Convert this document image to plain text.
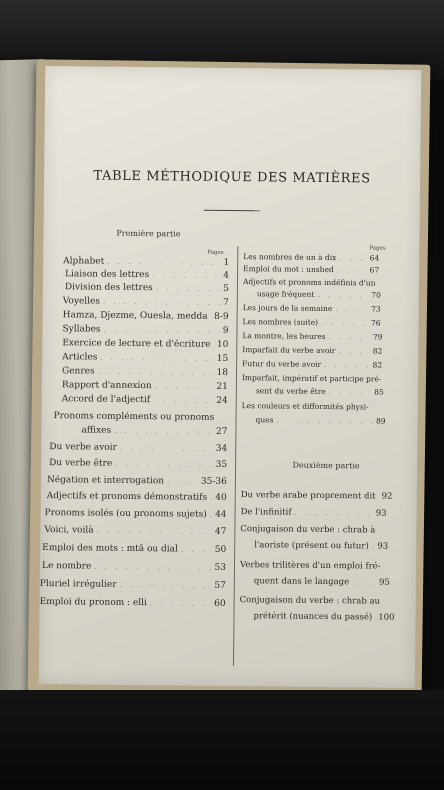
TABLE MÉTHODIQUE DES MATIÈRES
Première partie
Pages
Alphabet . . .	1
Liaison des lettres . . .	4
Division des lettres . . .	5
Voyelles . . .	7
Hamza, Djezme, Ouesla, medda . . . 8-9
Syllabes . . .	9
Exercice de lecture et d'écriture . . . 10
Articles . . .	15
Genres . . .	18
Rapport d'annexion . . .	21
Accord de l'adjectif . . .	24
Pronoms compléments ou pronoms
affixes . . .	27
Du verbe avoir . . .	34
Du verbe être . . .	35
Négation et interrogation . . .	35-36
Adjectifs et pronoms démonstratifs . . . 40
Pronoms isolés (ou pronoms sujets) . . . 44
Voici, voilà . . .	47
Emploi des mots : mtâ ou dial . . .	50
Le nombre . . .	53
Pluriel irrégulier . . .	57
Emploi du pronom : elli . . .	60
Pages
Les nombres de un à dix . . .	64
Emploi du mot : unshed . . .	67
Adjectifs et pronoms indéfinis d'un
usage fréquent . . .	70
Les jours de la semaine . . .	73
Les nombres (suite) . . .	76
La montre, les heures . . .	79
Imparfait du verbe avoir . . .	82
Futur du verbe avoir . . .	82
Imparfait, impératif et participe pré-
sent du verbe être . . .	85
Les couleurs et difformités physi-
ques . . .	89
Deuxième partie
Du verbe arabe proprement dit . . . 92
De l'infinitif . . .	93
Conjugaison du verbe : chrab à
l'aoriste (présent ou futur) . . . 93
Verbes trilitères d'un emploi fré-
quent dans le langage . . .	95
Conjugaison du verbe : chrab au
prétérit (nuances du passé) . . . 100
